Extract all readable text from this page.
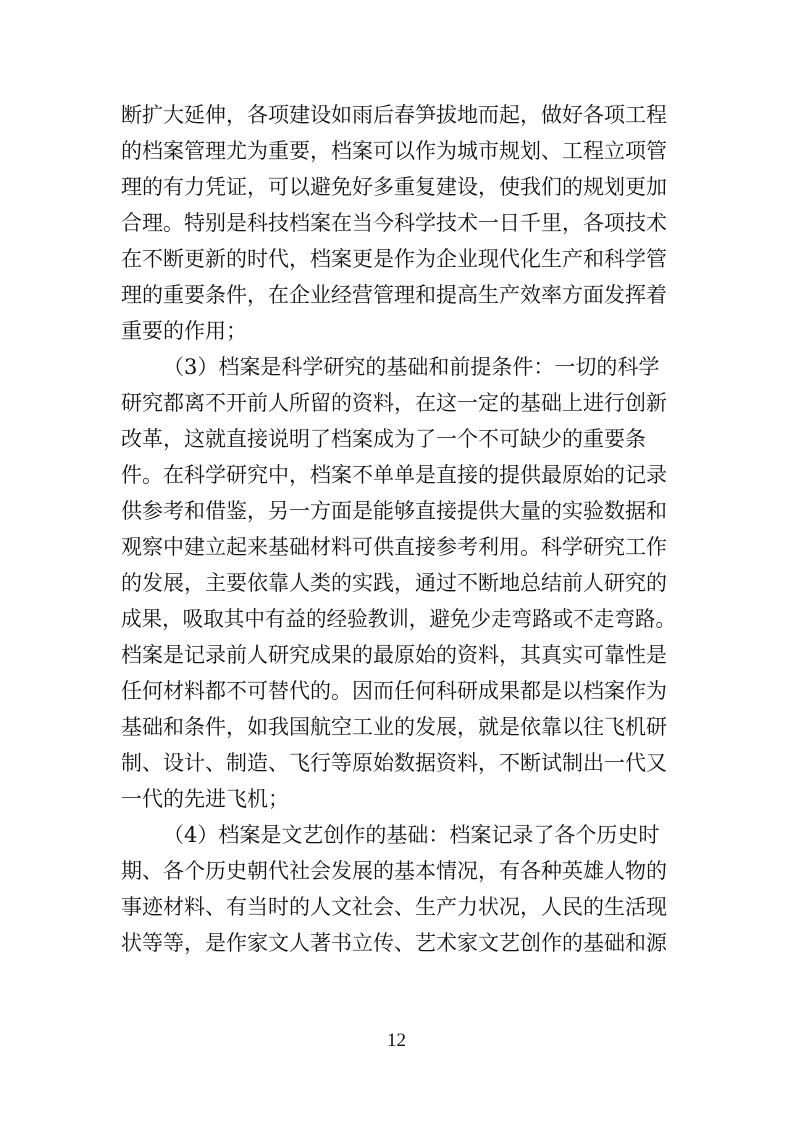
断扩大延伸，各项建设如雨后春笋拔地而起，做好各项工程
的档案管理尤为重要，档案可以作为城市规划、工程立项管
理的有力凭证，可以避免好多重复建设，使我们的规划更加
合理。特别是科技档案在当今科学技术一日千里，各项技术
在不断更新的时代，档案更是作为企业现代化生产和科学管
理的重要条件，在企业经营管理和提高生产效率方面发挥着
重要的作用；
（3）档案是科学研究的基础和前提条件：一切的科学
研究都离不开前人所留的资料，在这一定的基础上进行创新
改革，这就直接说明了档案成为了一个不可缺少的重要条
件。在科学研究中，档案不单单是直接的提供最原始的记录
供参考和借鉴，另一方面是能够直接提供大量的实验数据和
观察中建立起来基础材料可供直接参考利用。科学研究工作
的发展，主要依靠人类的实践，通过不断地总结前人研究的
成果，吸取其中有益的经验教训，避免少走弯路或不走弯路。
档案是记录前人研究成果的最原始的资料，其真实可靠性是
任何材料都不可替代的。因而任何科研成果都是以档案作为
基础和条件，如我国航空工业的发展，就是依靠以往飞机研
制、设计、制造、飞行等原始数据资料，不断试制出一代又
一代的先进飞机；
（4）档案是文艺创作的基础：档案记录了各个历史时
期、各个历史朝代社会发展的基本情况，有各种英雄人物的
事迹材料、有当时的人文社会、生产力状况，人民的生活现
状等等，是作家文人著书立传、艺术家文艺创作的基础和源
12
